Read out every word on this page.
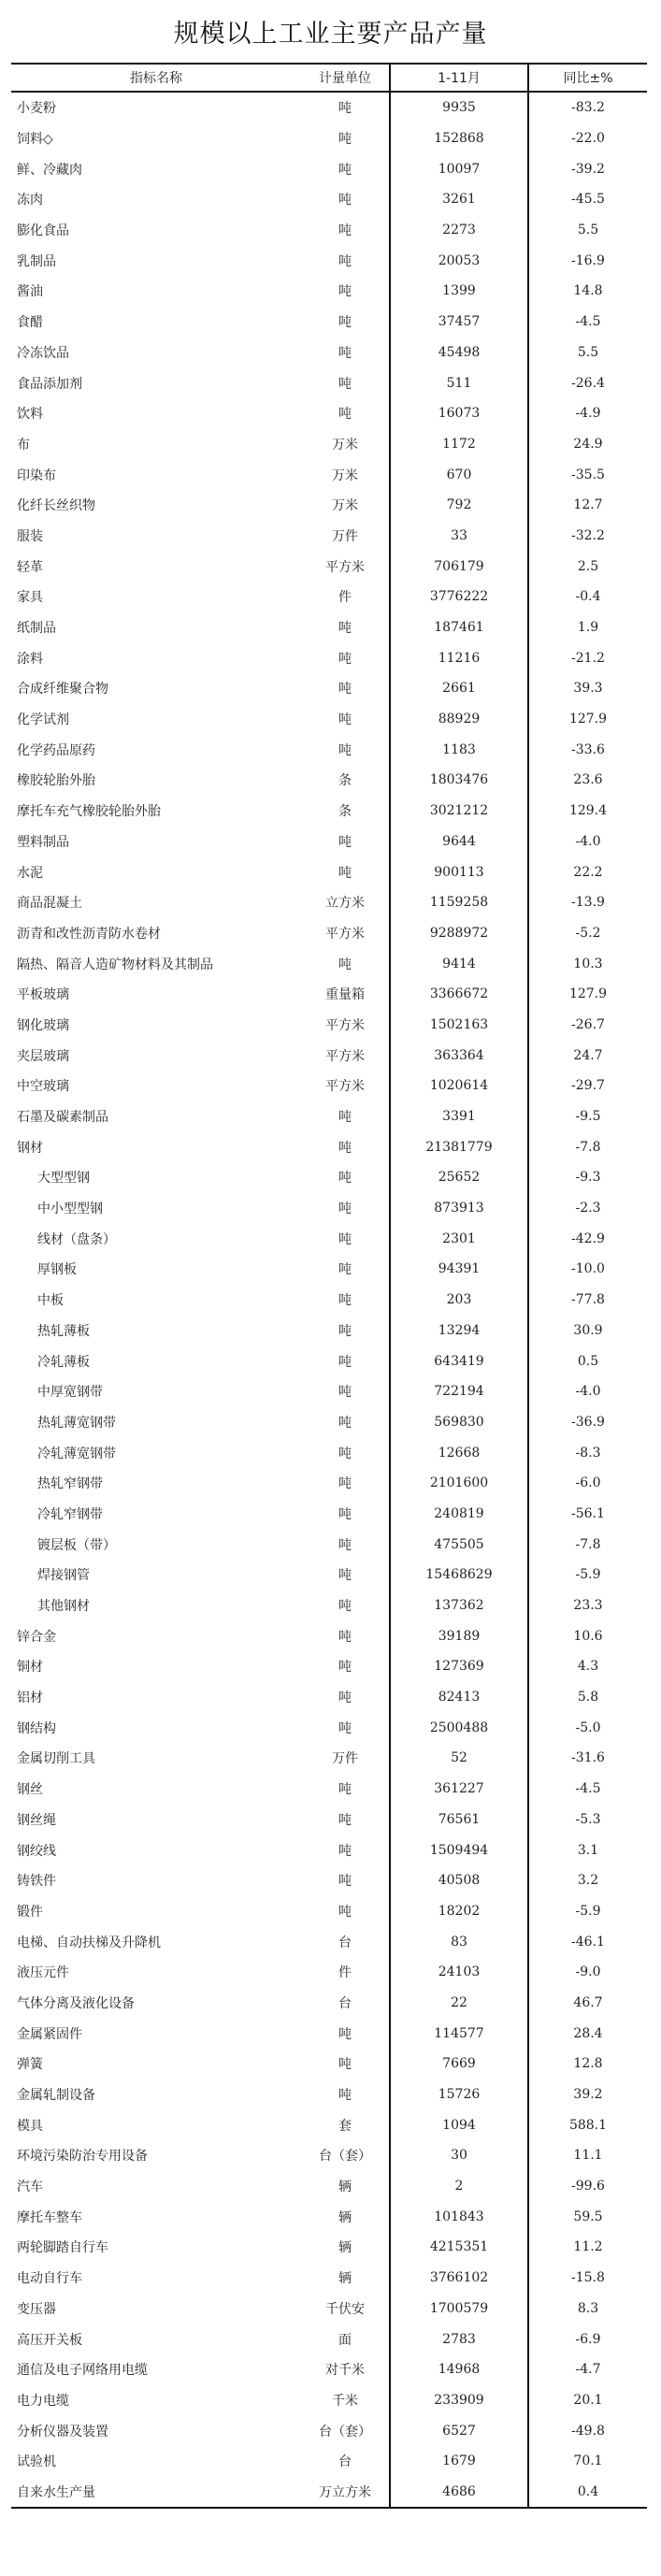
规模以上工业主要产品产量
指标名称	计量单位	1-11月	同比±%
小麦粉	吨	9935	-83.2
饲料◇	吨	152868	-22.0
鲜、冷藏肉	吨	10097	-39.2
冻肉	吨	3261	-45.5
膨化食品	吨	2273	5.5
乳制品	吨	20053	-16.9
酱油	吨	1399	14.8
食醋	吨	37457	-4.5
冷冻饮品	吨	45498	5.5
食品添加剂	吨	511	-26.4
饮料	吨	16073	-4.9
布	万米	1172	24.9
印染布	万米	670	-35.5
化纤长丝织物	万米	792	12.7
服装	万件	33	-32.2
轻革	平方米	706179	2.5
家具	件	3776222	-0.4
纸制品	吨	187461	1.9
涂料	吨	11216	-21.2
合成纤维聚合物	吨	2661	39.3
化学试剂	吨	88929	127.9
化学药品原药	吨	1183	-33.6
橡胶轮胎外胎	条	1803476	23.6
摩托车充气橡胶轮胎外胎	条	3021212	129.4
塑料制品	吨	9644	-4.0
水泥	吨	900113	22.2
商品混凝土	立方米	1159258	-13.9
沥青和改性沥青防水卷材	平方米	9288972	-5.2
隔热、隔音人造矿物材料及其制品	吨	9414	10.3
平板玻璃	重量箱	3366672	127.9
钢化玻璃	平方米	1502163	-26.7
夹层玻璃	平方米	363364	24.7
中空玻璃	平方米	1020614	-29.7
石墨及碳素制品	吨	3391	-9.5
钢材	吨	21381779	-7.8
大型型钢	吨	25652	-9.3
中小型型钢	吨	873913	-2.3
线材（盘条）	吨	2301	-42.9
厚钢板	吨	94391	-10.0
中板	吨	203	-77.8
热轧薄板	吨	13294	30.9
冷轧薄板	吨	643419	0.5
中厚宽钢带	吨	722194	-4.0
热轧薄宽钢带	吨	569830	-36.9
冷轧薄宽钢带	吨	12668	-8.3
热轧窄钢带	吨	2101600	-6.0
冷轧窄钢带	吨	240819	-56.1
镀层板（带）	吨	475505	-7.8
焊接钢管	吨	15468629	-5.9
其他钢材	吨	137362	23.3
锌合金	吨	39189	10.6
铜材	吨	127369	4.3
铝材	吨	82413	5.8
钢结构	吨	2500488	-5.0
金属切削工具	万件	52	-31.6
钢丝	吨	361227	-4.5
钢丝绳	吨	76561	-5.3
钢绞线	吨	1509494	3.1
铸铁件	吨	40508	3.2
锻件	吨	18202	-5.9
电梯、自动扶梯及升降机	台	83	-46.1
液压元件	件	24103	-9.0
气体分离及液化设备	台	22	46.7
金属紧固件	吨	114577	28.4
弹簧	吨	7669	12.8
金属轧制设备	吨	15726	39.2
模具	套	1094	588.1
环境污染防治专用设备	台（套）	30	11.1
汽车	辆	2	-99.6
摩托车整车	辆	101843	59.5
两轮脚踏自行车	辆	4215351	11.2
电动自行车	辆	3766102	-15.8
变压器	千伏安	1700579	8.3
高压开关板	面	2783	-6.9
通信及电子网络用电缆	对千米	14968	-4.7
电力电缆	千米	233909	20.1
分析仪器及装置	台（套）	6527	-49.8
试验机	台	1679	70.1
自来水生产量	万立方米	4686	0.4
